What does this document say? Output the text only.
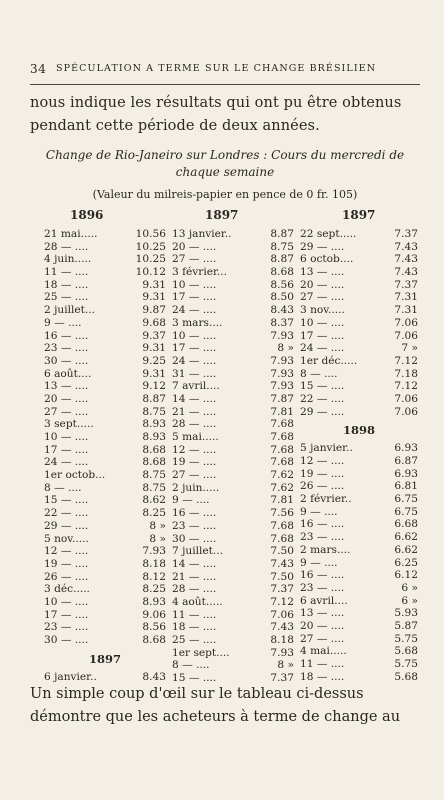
34 SPÉCULATION A TERME SUR LE CHANGE BRÉSILIEN
nous indique les résultats qui ont pu être obtenus pendant cette période de deux années.
Change de Rio-Janeiro sur Londres : Cours du mercredi de chaque semaine
(Valeur du milreis-papier en pence de 0 fr. 105)
1896	1897	1897
21 mai.....	10.56
28 — ....	10.25
4 juin.....	10.25
11 — ....	10.12
18 — ....	9.31
25 — ....	9.31
2 juillet...	9.87
9 — ....	9.68
16 — ....	9.37
23 — ....	9.31
30 — ....	9.25
6 août....	9.31
13 — ....	9.12
20 — ....	8.87
27 — ....	8.75
3 sept.....	8.93
10 — ....	8.93
17 — ....	8.68
24 — ....	8.68
1er octob...	8.75
8 — ....	8.75
15 — ....	8.62
22 — ....	8.25
29 — ....	8 »
5 nov.....	8 »
12 — ....	7.93
19 — ....	8.18
26 — ....	8.12
3 déc.....	8.25
10 — ....	8.93
17 — ....	9.06
23 — ....	8.56
30 — ....	8.68
1897
6 janvier..	8.43
13 janvier..	8.87
20 — ....	8.75
27 — ....	8.87
3 février...	8.68
10 — ....	8.56
17 — ....	8.50
24 — ....	8.43
3 mars....	8.37
10 — ....	7.93
17 — ....	8 »
24 — ....	7.93
31 — ....	7.93
7 avril....	7.93
14 — ....	7.87
21 — ....	7.81
28 — ....	7.68
5 mai.....	7.68
12 — ....	7.68
19 — ....	7.68
27 — ....	7.62
2 juin.....	7.62
9 — ....	7.81
16 — ....	7.56
23 — ....	7.68
30 — ....	7.68
7 juillet...	7.50
14 — ....	7.43
21 — ....	7.50
28 — ....	7.37
4 août.....	7.12
11 — ....	7.06
18 — ....	7.43
25 — ....	8.18
1er sept....	7.93
8 — ....	8 »
15 — ....	7.37
22 sept.....	7.37
29 — ....	7.43
6 octob....	7.43
13 — ....	7.43
20 — ....	7.37
27 — ....	7.31
3 nov.....	7.31
10 — ....	7.06
17 — ....	7.06
24 — ....	7 »
1er déc.....	7.12
8 — ....	7.18
15 — ....	7.12
22 — ....	7.06
29 — ....	7.06
1898
5 janvier..	6.93
12 — ....	6.87
19 — ....	6.93
26 — ....	6.81
2 février..	6.75
9 — ....	6.75
16 — ....	6.68
23 — ....	6.62
2 mars....	6.62
9 — ....	6.25
16 — ....	6.12
23 — ....	6 »
6 avril....	6 »
13 — ....	5.93
20 — ....	5.87
27 — ....	5.75
4 mai.....	5.68
11 — ....	5.75
18 — ....	5.68
Un simple coup d'œil sur le tableau ci-dessus démontre que les acheteurs à terme de change au
